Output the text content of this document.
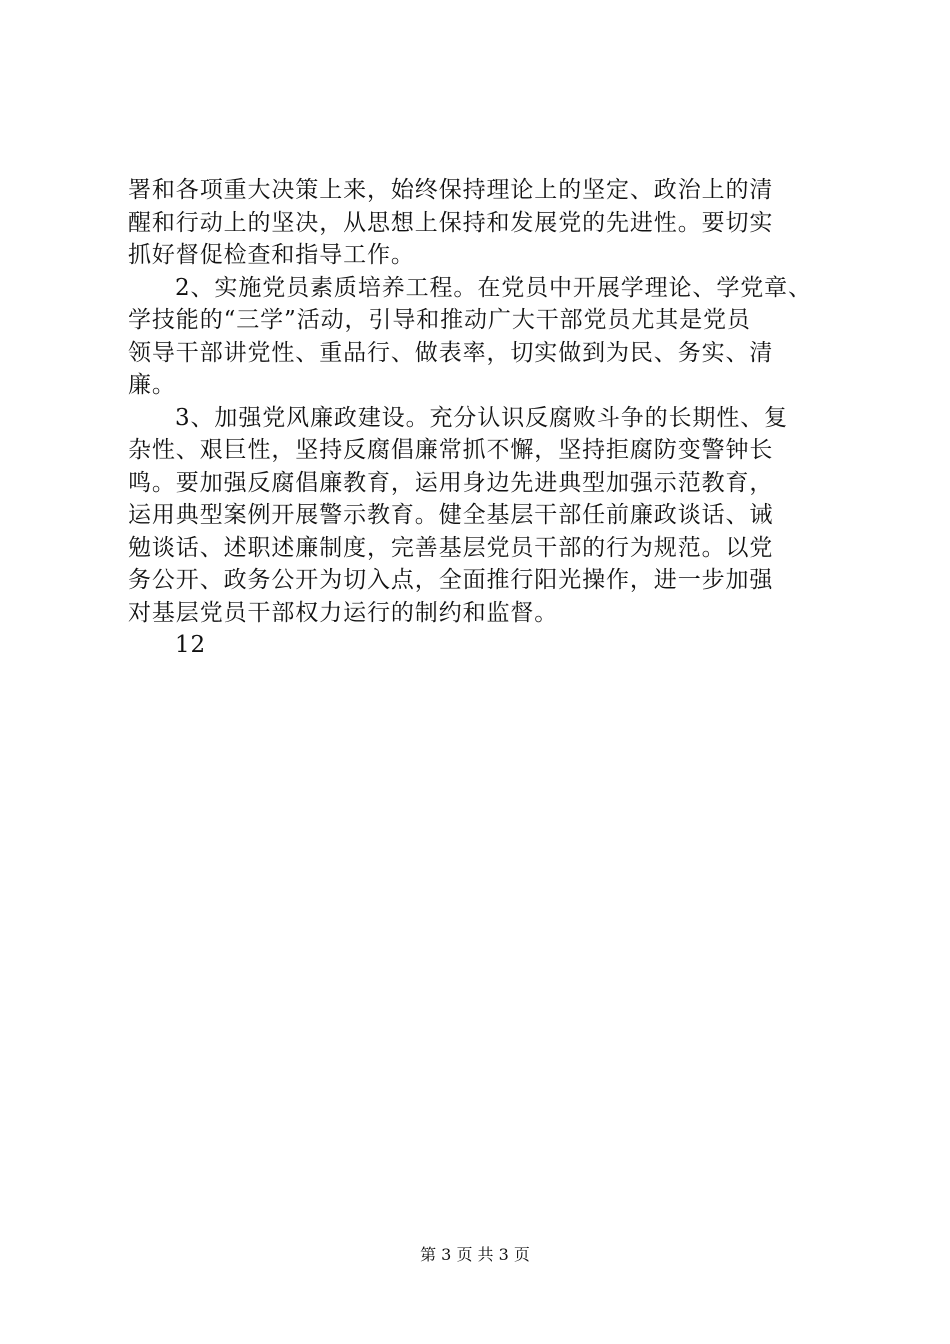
署和各项重大决策上来，始终保持理论上的坚定、政治上的清
醒和行动上的坚决，从思想上保持和发展党的先进性。要切实
抓好督促检查和指导工作。
2、实施党员素质培养工程。在党员中开展学理论、学党章、
学技能的“三学”活动，引导和推动广大干部党员尤其是党员
领导干部讲党性、重品行、做表率，切实做到为民、务实、清
廉。
3、加强党风廉政建设。充分认识反腐败斗争的长期性、复
杂性、艰巨性，坚持反腐倡廉常抓不懈，坚持拒腐防变警钟长
鸣。要加强反腐倡廉教育，运用身边先进典型加强示范教育，
运用典型案例开展警示教育。健全基层干部任前廉政谈话、诫
勉谈话、述职述廉制度，完善基层党员干部的行为规范。以党
务公开、政务公开为切入点，全面推行阳光操作，进一步加强
对基层党员干部权力运行的制约和监督。
12
第 3 页 共 3 页
